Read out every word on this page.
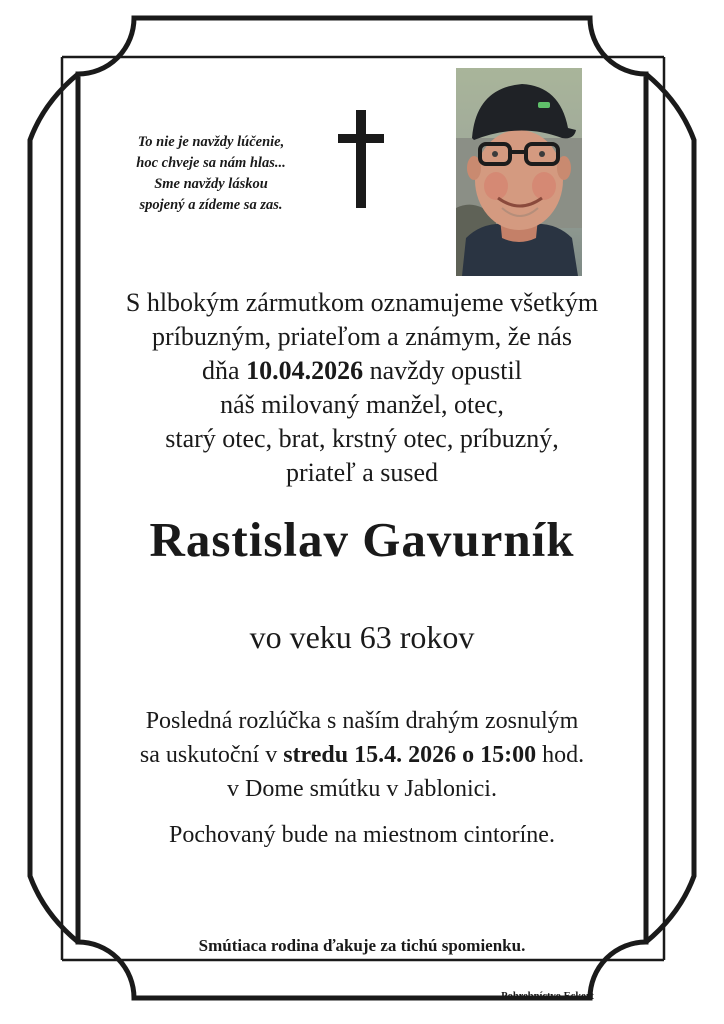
To nie je navždy lúčenie,
hoc chveje sa nám hlas...
Sme navždy láskou
spojený a zídeme sa zas.
S hlbokým zármutkom oznamujeme všetkým
príbuzným, priateľom a známym, že nás
dňa 10.04.2026 navždy opustil
náš milovaný manžel, otec,
starý otec, brat, krstný otec, príbuzný,
priateľ a sused
Rastislav Gavurník
vo veku 63 rokov
Posledná rozlúčka s naším drahým zosnulým
sa uskutoční v stredu 15.4. 2026 o 15:00 hod.
v Dome smútku v Jablonici.
Pochovaný bude na miestnom cintoríne.
Smútiaca rodina ďakuje za tichú spomienku.
Pohrebníctvo Eckert
